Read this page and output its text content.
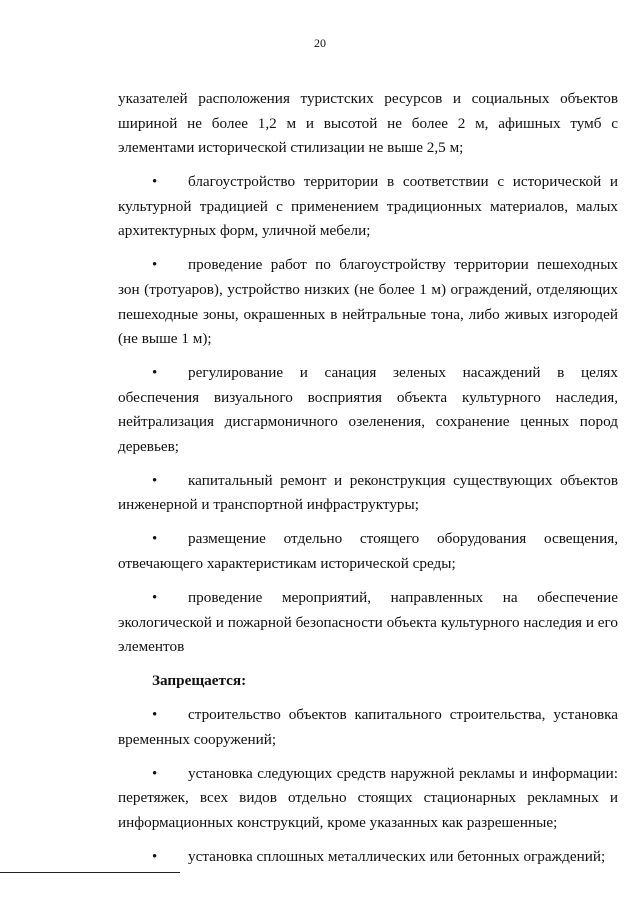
20

указателей расположения туристских ресурсов и социальных объектов шириной не более 1,2 м и высотой не более 2 м, афишных тумб с элементами исторической стилизации не выше 2,5 м;

• благоустройство территории в соответствии с исторической и культурной традицией с применением традиционных материалов, малых архитектурных форм, уличной мебели;

• проведение работ по благоустройству территории пешеходных зон (тротуаров), устройство низких (не более 1 м) ограждений, отделяющих пешеходные зоны, окрашенных в нейтральные тона, либо живых изгородей (не выше 1 м);

• регулирование и санация зеленых насаждений в целях обеспечения визуального восприятия объекта культурного наследия, нейтрализация дисгармоничного озеленения, сохранение ценных пород деревьев;

• капитальный ремонт и реконструкция существующих объектов инженерной и транспортной инфраструктуры;

• размещение отдельно стоящего оборудования освещения, отвечающего характеристикам исторической среды;

• проведение мероприятий, направленных на обеспечение экологической и пожарной безопасности объекта культурного наследия и его элементов

Запрещается:

• строительство объектов капитального строительства, установка временных сооружений;

• установка следующих средств наружной рекламы и информации: перетяжек, всех видов отдельно стоящих стационарных рекламных и информационных конструкций, кроме указанных как разрешенные;

• установка сплошных металлических или бетонных ограждений;
